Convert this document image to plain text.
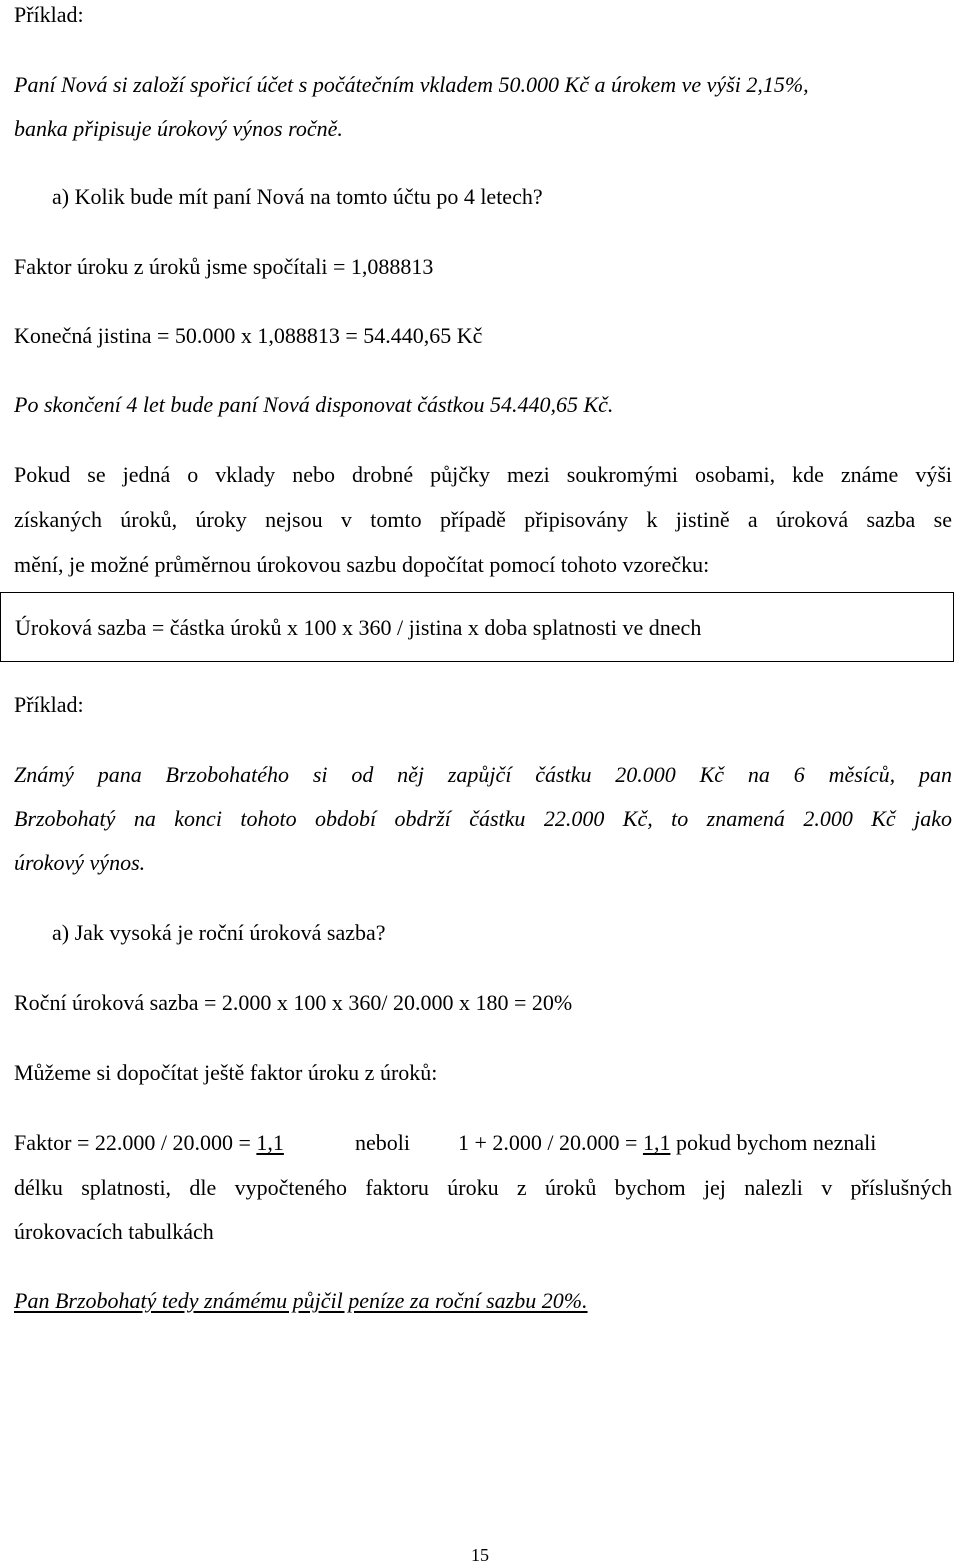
Příklad:
Paní Nová si založí spořicí účet s počátečním vkladem 50.000 Kč a úrokem ve výši 2,15%,
banka připisuje úrokový výnos ročně.
a) Kolik bude mít paní Nová na tomto účtu po 4 letech?
Faktor úroku z úroků jsme spočítali = 1,088813
Konečná jistina = 50.000 x 1,088813 = 54.440,65 Kč
Po skončení 4 let bude paní Nová disponovat částkou 54.440,65 Kč.
Pokud se jedná o vklady nebo drobné půjčky mezi soukromými osobami, kde známe výši
získaných úroků, úroky nejsou v tomto případě připisovány k jistině a úroková sazba se
mění, je možné průměrnou úrokovou sazbu dopočítat pomocí tohoto vzorečku:
Úroková sazba = částka úroků x 100 x 360 / jistina x doba splatnosti ve dnech
Příklad:
Známý pana Brzobohatého si od něj zapůjčí částku 20.000 Kč na 6 měsíců, pan
Brzobohatý na konci tohoto období obdrží částku 22.000 Kč, to znamená 2.000 Kč jako
úrokový výnos.
a) Jak vysoká je roční úroková sazba?
Roční úroková sazba = 2.000 x 100 x 360/ 20.000 x 180 = 20%
Můžeme si dopočítat ještě faktor úroku z úroků:
Faktor = 22.000 / 20.000 = 1,1	neboli 1 + 2.000 / 20.000 = 1,1 pokud bychom neznali
délku splatnosti, dle vypočteného faktoru úroku z úroků bychom jej nalezli v příslušných
úrokovacích tabulkách
Pan Brzobohatý tedy známému půjčil peníze za roční sazbu 20%.
15
